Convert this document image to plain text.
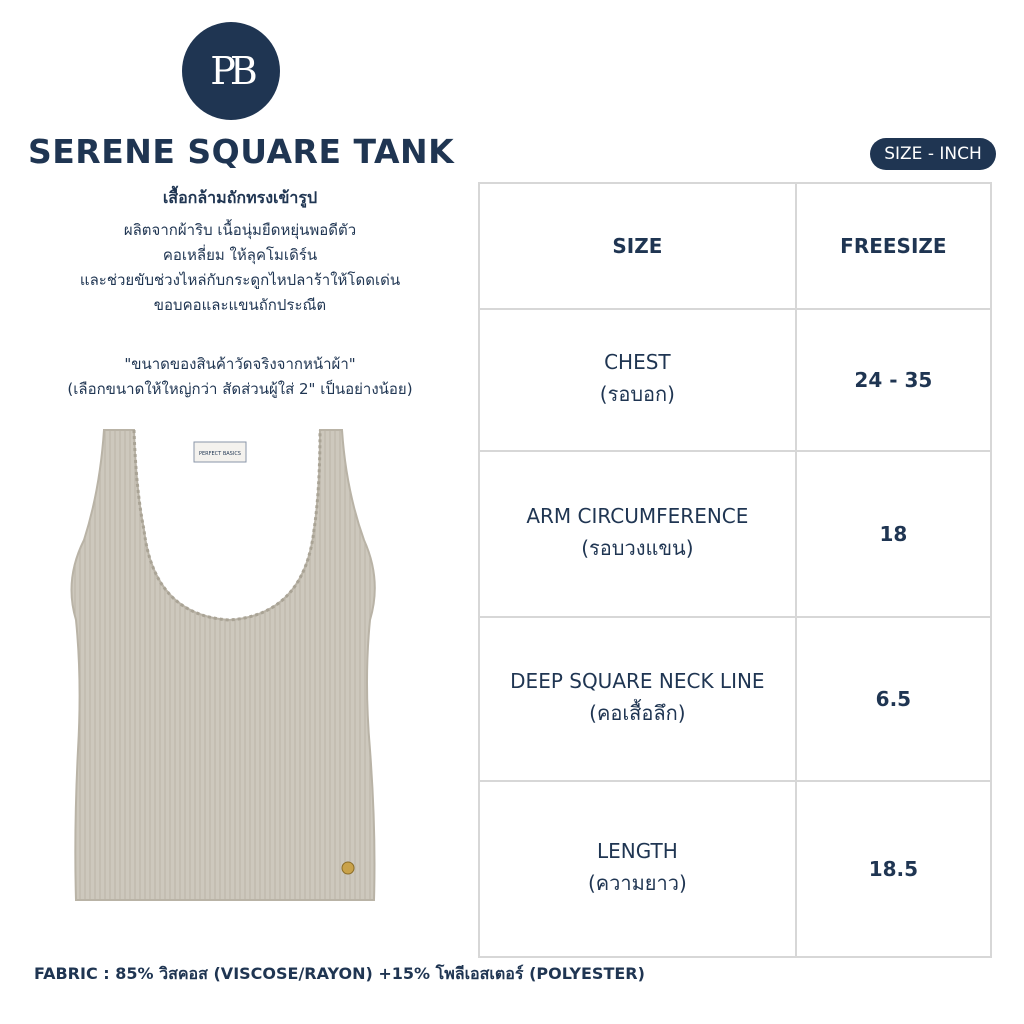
PB
SERENE SQUARE TANK
เสื้อกล้ามถักทรงเข้ารูป
ผลิตจากผ้าริบ เนื้อนุ่มยืดหยุ่นพอดีตัว
คอเหลี่ยม ให้ลุคโมเดิร์น
และช่วยขับช่วงไหล่กับกระดูกไหปลาร้าให้โดดเด่น
ขอบคอและแขนถักประณีต
"ขนาดของสินค้าวัดจริงจากหน้าผ้า"
(เลือกขนาดให้ใหญ่กว่า สัดส่วนผู้ใส่ 2" เป็นอย่างน้อย)
PERFECT BASICS
SIZE - INCH
SIZE	FREESIZE
CHEST
(รอบอก)	24 - 35
ARM CIRCUMFERENCE
(รอบวงแขน)	18
DEEP SQUARE NECK LINE
(คอเสื้อลึก)	6.5
LENGTH
(ความยาว)	18.5
FABRIC : 85% วิสคอส (VISCOSE/RAYON) +15% โพลีเอสเตอร์ (POLYESTER)
